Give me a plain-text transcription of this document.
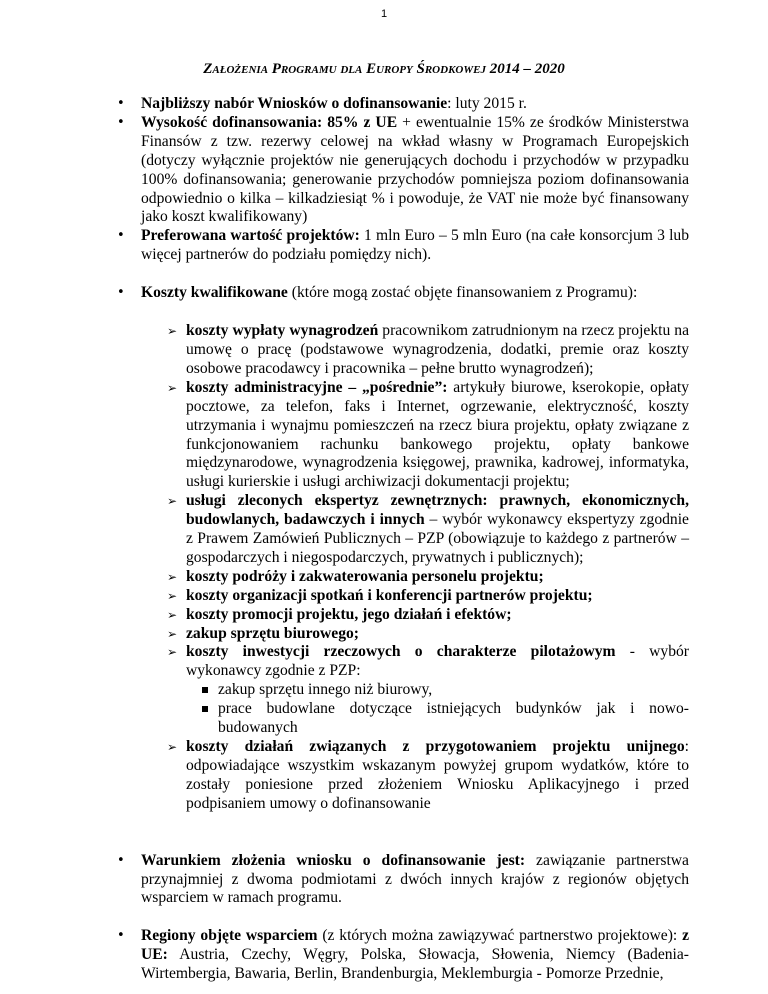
1
Założenia Programu dla Europy Środkowej 2014 – 2020
• Najbliższy nabór Wniosków o dofinansowanie: luty 2015 r.
• Wysokość dofinansowania: 85% z UE + ewentualnie 15% ze środków Ministerstwa Finansów z tzw. rezerwy celowej na wkład własny w Programach Europejskich (dotyczy wyłącznie projektów nie generujących dochodu i przychodów w przypadku 100% dofinansowania; generowanie przychodów pomniejsza poziom dofinansowania odpowiednio o kilka – kilkadziesiąt % i powoduje, że VAT nie może być finansowany jako koszt kwalifikowany)
• Preferowana wartość projektów: 1 mln Euro – 5 mln Euro (na całe konsorcjum 3 lub więcej partnerów do podziału pomiędzy nich).
• Koszty kwalifikowane (które mogą zostać objęte finansowaniem z Programu):
➢ koszty wypłaty wynagrodzeń pracownikom zatrudnionym na rzecz projektu na umowę o pracę (podstawowe wynagrodzenia, dodatki, premie oraz koszty osobowe pracodawcy i pracownika – pełne brutto wynagrodzeń);
➢ koszty administracyjne – „pośrednie”: artykuły biurowe, kserokopie, opłaty pocztowe, za telefon, faks i Internet, ogrzewanie, elektryczność, koszty utrzymania i wynajmu pomieszczeń na rzecz biura projektu, opłaty związane z funkcjonowaniem rachunku bankowego projektu, opłaty bankowe międzynarodowe, wynagrodzenia księgowej, prawnika, kadrowej, informatyka, usługi kurierskie i usługi archiwizacji dokumentacji projektu;
➢ usługi zleconych ekspertyz zewnętrznych: prawnych, ekonomicznych, budowlanych, badawczych i innych – wybór wykonawcy ekspertyzy zgodnie z Prawem Zamówień Publicznych – PZP (obowiązuje to każdego z partnerów – gospodarczych i niegospodarczych, prywatnych i publicznych);
➢ koszty podróży i zakwaterowania personelu projektu;
➢ koszty organizacji spotkań i konferencji partnerów projektu;
➢ koszty promocji projektu, jego działań i efektów;
➢ zakup sprzętu biurowego;
➢ koszty inwestycji rzeczowych o charakterze pilotażowym - wybór wykonawcy zgodnie z PZP:
zakup sprzętu innego niż biurowy,
prace budowlane dotyczące istniejących budynków jak i nowo-budowanych
➢ koszty działań związanych z przygotowaniem projektu unijnego: odpowiadające wszystkim wskazanym powyżej grupom wydatków, które to zostały poniesione przed złożeniem Wniosku Aplikacyjnego i przed podpisaniem umowy o dofinansowanie
• Warunkiem złożenia wniosku o dofinansowanie jest: zawiązanie partnerstwa przynajmniej z dwoma podmiotami z dwóch innych krajów z regionów objętych wsparciem w ramach programu.
• Regiony objęte wsparciem (z których można zawiązywać partnerstwo projektowe): z UE: Austria, Czechy, Węgry, Polska, Słowacja, Słowenia, Niemcy (Badenia-Wirtembergia, Bawaria, Berlin, Brandenburgia, Meklemburgia - Pomorze Przednie,
